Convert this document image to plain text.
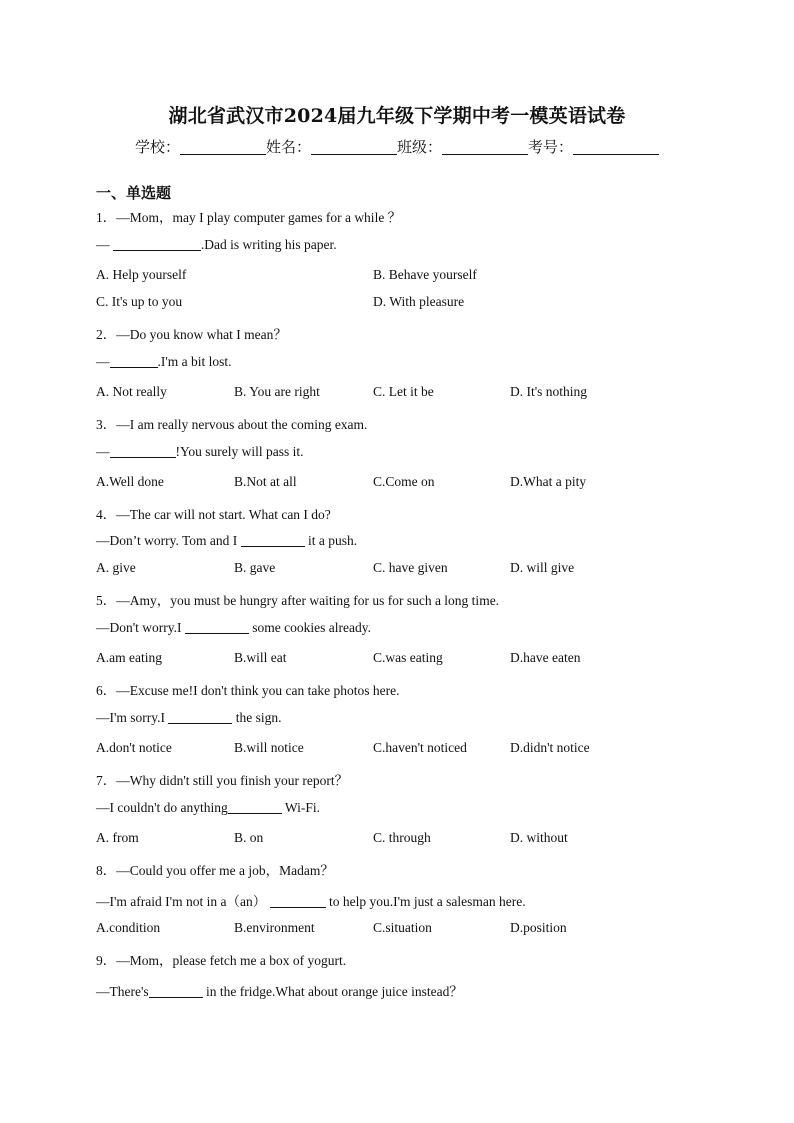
湖北省武汉市2024届九年级下学期中考一模英语试卷
学校：	姓名：	班级：	考号：
一、单选题
1．—Mom，may I play computer games for a while ？
—	.Dad is writing his paper.
A. Help yourself	B. Behave yourself
C. It's up to you	D. With pleasure
2．—Do you know what I mean？
—	.I'm a bit lost.
A. Not really	B. You are right	C. Let it be	D. It's nothing
3．—I am really nervous about the coming exam.
—	!You surely will pass it.
A.Well done	B.Not at all	C.Come on	D.What a pity
4．—The car will not start. What can I do?
—Don’t worry. Tom and I	it a push.
A. give	B. gave	C. have given	D. will give
5．—Amy，you must be hungry after waiting for us for such a long time.
—Don't worry.I	some cookies already.
A.am eating	B.will eat	C.was eating	D.have eaten
6．—Excuse me!I don't think you can take photos here.
—I'm sorry.I	the sign.
A.don't notice	B.will notice	C.haven't noticed	D.didn't notice
7．—Why didn't still you finish your report？
—I couldn't do anything	Wi-Fi.
A. from	B. on	C. through	D. without
8．—Could you offer me a job，Madam？
—I'm afraid I'm not in a（an）	to help you.I'm just a salesman here.
A.condition	B.environment	C.situation	D.position
9．—Mom，please fetch me a box of yogurt.
—There's	in the fridge.What about orange juice instead？
